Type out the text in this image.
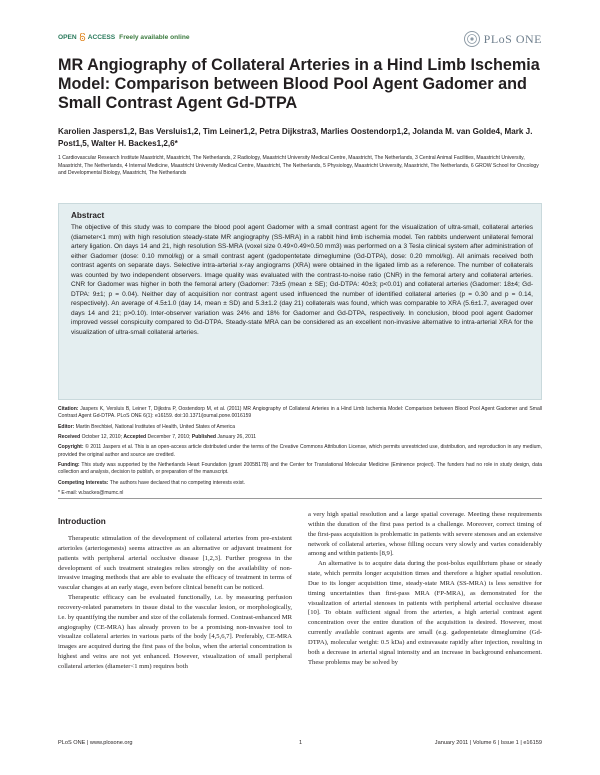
OPEN ACCESS Freely available online	PLoS ONE
MR Angiography of Collateral Arteries in a Hind Limb Ischemia Model: Comparison between Blood Pool Agent Gadomer and Small Contrast Agent Gd-DTPA
Karolien Jaspers1,2, Bas Versluis1,2, Tim Leiner1,2, Petra Dijkstra3, Marlies Oostendorp1,2, Jolanda M. van Golde4, Mark J. Post1,5, Walter H. Backes1,2,6*
1 Cardiovascular Research Institute Maastricht, Maastricht, The Netherlands, 2 Radiology, Maastricht University Medical Centre, Maastricht, The Netherlands, 3 Central Animal Facilities, Maastricht University, Maastricht, The Netherlands, 4 Internal Medicine, Maastricht University Medical Centre, Maastricht, The Netherlands, 5 Physiology, Maastricht University, Maastricht, The Netherlands, 6 GROW School for Oncology and Developmental Biology, Maastricht, The Netherlands
Abstract
The objective of this study was to compare the blood pool agent Gadomer with a small contrast agent for the visualization of ultra-small, collateral arteries (diameter<1 mm) with high resolution steady-state MR angiography (SS-MRA) in a rabbit hind limb ischemia model. Ten rabbits underwent unilateral femoral artery ligation. On days 14 and 21, high resolution SS-MRA (voxel size 0.49×0.49×0.50 mm3) was performed on a 3 Tesla clinical system after administration of either Gadomer (dose: 0.10 mmol/kg) or a small contrast agent (gadopentetate dimeglumine (Gd-DTPA), dose: 0.20 mmol/kg). All animals received both contrast agents on separate days. Selective intra-arterial x-ray angiograms (XRA) were obtained in the ligated limb as a reference. The number of collaterals was counted by two independent observers. Image quality was evaluated with the contrast-to-noise ratio (CNR) in the femoral artery and collateral arteries. CNR for Gadomer was higher in both the femoral artery (Gadomer: 73±5 (mean ± SE); Gd-DTPA: 40±3; p<0.01) and collateral arteries (Gadomer: 18±4; Gd-DTPA: 9±1; p = 0.04). Neither day of acquisition nor contrast agent used influenced the number of identified collateral arteries (p = 0.30 and p = 0.14, respectively). An average of 4.5±1.0 (day 14, mean ± SD) and 5.3±1.2 (day 21) collaterals was found, which was comparable to XRA (5.6±1.7, averaged over days 14 and 21; p>0.10). Inter-observer variation was 24% and 18% for Gadomer and Gd-DTPA, respectively. In conclusion, blood pool agent Gadomer improved vessel conspicuity compared to Gd-DTPA. Steady-state MRA can be considered as an excellent non-invasive alternative to intra-arterial XRA for the visualization of ultra-small collateral arteries.

Citation: Jaspers K, Versluis B, Leiner T, Dijkstra P, Oostendorp M, et al. (2011) MR Angiography of Collateral Arteries in a Hind Limb Ischemia Model: Comparison between Blood Pool Agent Gadomer and Small Contrast Agent Gd-DTPA. PLoS ONE 6(1): e16159. doi:10.1371/journal.pone.0016159

Editor: Martin Brechbiel, National Institutes of Health, United States of America

Received October 12, 2010; Accepted December 7, 2010; Published January 26, 2011

Copyright: © 2011 Jaspers et al. This is an open-access article distributed under the terms of the Creative Commons Attribution License, which permits unrestricted use, distribution, and reproduction in any medium, provided the original author and source are credited.

Funding: This study was supported by the Netherlands Heart Foundation (grant 2005B178) and the Center for Translational Molecular Medicine (Eminence project). The funders had no role in study design, data collection and analysis, decision to publish, or preparation of the manuscript.

Competing Interests: The authors have declared that no competing interests exist.

* E-mail: w.backes@mumc.nl

Introduction

Therapeutic stimulation of the development of collateral arteries from pre-existent arterioles (arteriogenesis) seems attractive as an alternative or adjuvant treatment for patients with peripheral arterial occlusive disease [1,2,3]. Further progress in the development of such treatment strategies relies strongly on the availability of non-invasive imaging methods that are able to evaluate the efficacy of treatment in terms of vascular changes at an early stage, even before clinical benefit can be noticed.

Therapeutic efficacy can be evaluated functionally, i.e. by measuring perfusion recovery-related parameters in tissue distal to the vascular lesion, or morphologically, i.e. by quantifying the number and size of the collaterals formed. Contrast-enhanced MR angiography (CE-MRA) has already proven to be a promising non-invasive tool to visualize collateral arteries in various parts of the body [4,5,6,7]. Preferably, CE-MRA images are acquired during the first pass of the bolus, when the arterial concentration is highest and veins are not yet enhanced. However, visualization of small peripheral collateral arteries (diameter<1 mm) requires both

a very high spatial resolution and a large spatial coverage. Meeting these requirements within the duration of the first pass period is a challenge. Moreover, correct timing of the first-pass acquisition is problematic in patients with severe stenoses and an extensive network of collateral arteries, whose filling occurs very slowly and varies considerably among and within patients [8,9].

An alternative is to acquire data during the post-bolus equilibrium phase or steady state, which permits longer acquisition times and therefore a higher spatial resolution. Due to its longer acquisition time, steady-state MRA (SS-MRA) is less sensitive for timing uncertainties than first-pass MRA (FP-MRA), as demonstrated for the visualization of arterial stenoses in patients with peripheral arterial occlusive disease [10]. To obtain sufficient signal from the arteries, a high arterial contrast agent concentration over the entire duration of the acquisition is desired. However, most currently available contrast agents are small (e.g. gadopentetate dimeglumine (Gd-DTPA), molecular weight: 0.5 kDa) and extravasate rapidly after injection, resulting in both a decrease in arterial signal intensity and an increase in background enhancement. These problems may be solved by

PLoS ONE | www.plosone.org	1	January 2011 | Volume 6 | Issue 1 | e16159
